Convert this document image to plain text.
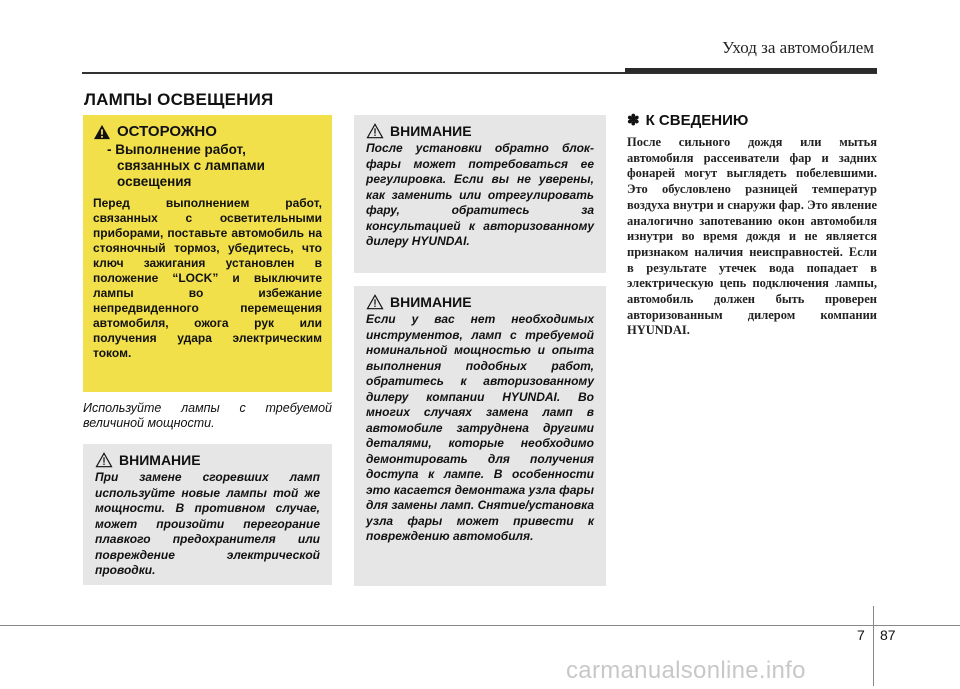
Уход за автомобилем
ЛАМПЫ ОСВЕЩЕНИЯ
ОСТОРОЖНО
- Выполнение работ, связанных с лампами освещения
Перед выполнением работ, связанных с осветительными приборами, поставьте автомобиль на стояночный тормоз, убедитесь, что ключ зажигания установлен в положение “LOCK” и выключите лампы во избежание непредвиденного перемещения автомобиля, ожога рук или получения удара электрическим током.
Используйте лампы с требуемой величиной мощности.
ВНИМАНИЕ
При замене сгоревших ламп используйте новые лампы той же мощности. В противном случае, может произойти перегорание плавкого предохранителя или повреждение электрической проводки.
ВНИМАНИЕ
После установки обратно блок-фары может потребоваться ее регулировка. Если вы не уверены, как заменить или отрегулировать фару, обратитесь за консультацией к авторизованному дилеру HYUNDAI.
ВНИМАНИЕ
Если у вас нет необходимых инструментов, ламп с требуемой номинальной мощностью и опыта выполнения подобных работ, обратитесь к авторизованному дилеру компании HYUNDAI. Во многих случаях замена ламп в автомобиле затруднена другими деталями, которые необходимо демонтировать для получения доступа к лампе. В особенности это касается демонтажа узла фары для замены ламп. Снятие/установка узла фары может привести к повреждению автомобиля.
✽ К СВЕДЕНИЮ
После сильного дождя или мытья автомобиля рассеиватели фар и задних фонарей могут выглядеть побелевшими. Это обусловлено разницей температур воздуха внутри и снаружи фар. Это явление аналогично запотеванию окон автомобиля изнутри во время дождя и не является признаком наличия неисправностей. Если в результате утечек вода попадает в электрическую цепь подключения лампы, автомобиль должен быть проверен авторизованным дилером компании HYUNDAI.
7 87
carmanualsonline.info
